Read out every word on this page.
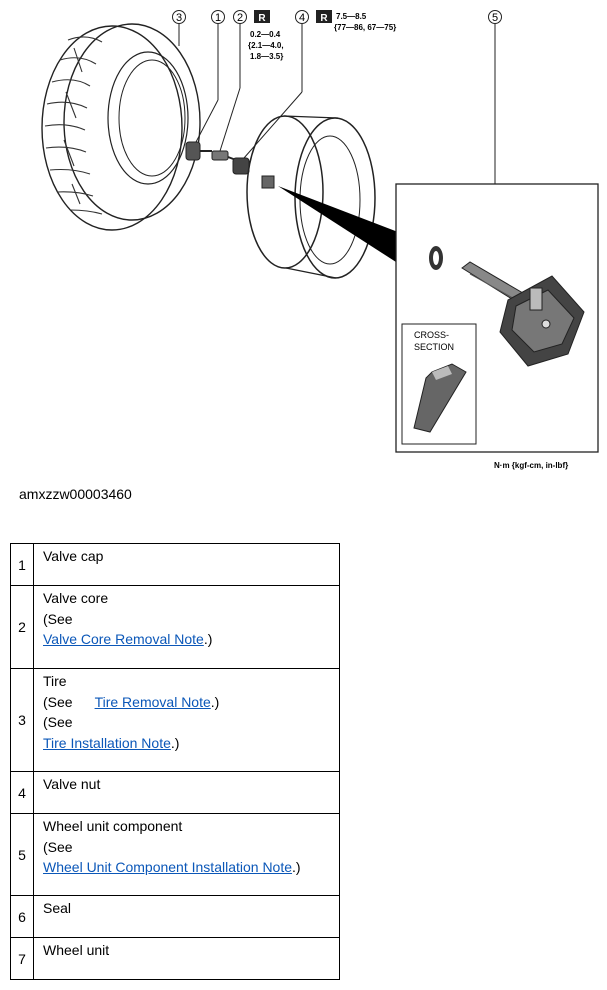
3	1 2	4	5
R	R
0.2—0.4
{2.1—4.0,
1.8—3.5}
7.5—8.5
{77—86, 67—75}
CROSS-
SECTION
N·m {kgf-cm, in-lbf}
amxzzw00003460
1	Valve cap
2	Valve core
(See
Valve Core Removal Note.)

3	Tire
(See Tire Removal Note.)
(See
Tire Installation Note.)

4	Valve nut
5	Wheel unit component
(See
Wheel Unit Component Installation Note.)

6	Seal
7	Wheel unit
